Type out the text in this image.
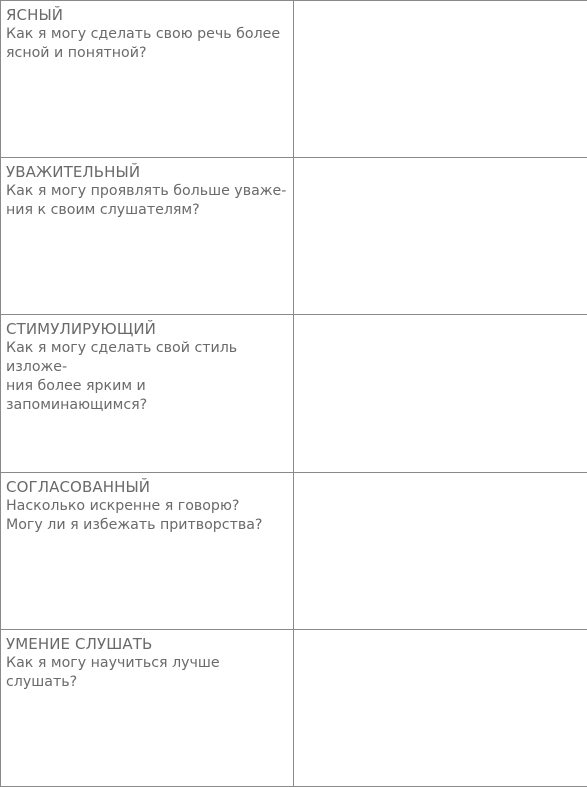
ЯСНЫЙ
Как я могу сделать свою речь более
ясной и понятной?	

УВАЖИТЕЛЬНЫЙ
Как я могу проявлять больше уваже-
ния к своим слушателям?	

СТИМУЛИРУЮЩИЙ
Как я могу сделать свой стиль изложе-
ния более ярким и запоминающимся?	

СОГЛАСОВАННЫЙ
Насколько искренне я говорю?
Могу ли я избежать притворства?	

УМЕНИЕ СЛУШАТЬ
Как я могу научиться лучше слушать?	
